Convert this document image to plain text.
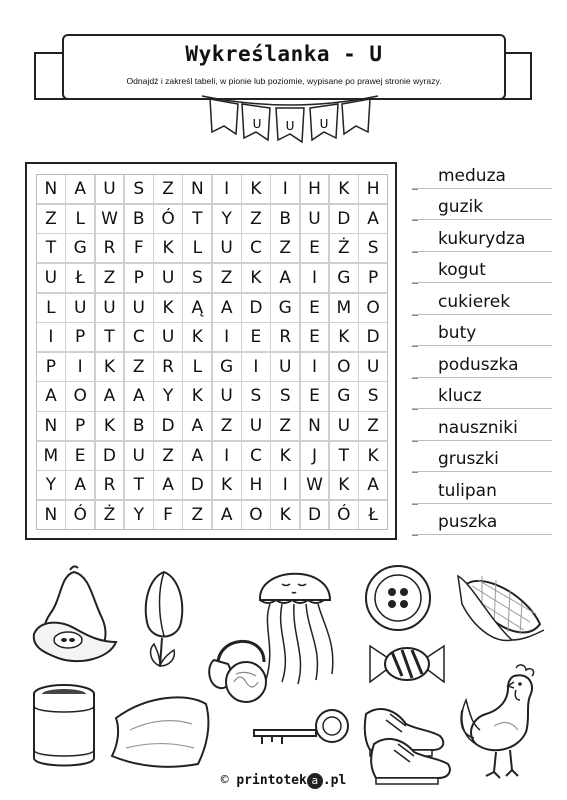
Wykreślanka - U
Odnajdź i zakreśl tabeli, w pionie lub poziomie, wypisane po prawej stronie wyrazy.
U U U
N	A	U	S	Z	N	I	K	I	H	K	H
Z	L W B Ó	T	Y	Z	B	U D A
T	G R	F	K	L	U	C	Z	E	Ż	S
U	Ł	Z	P	U	S	Z	K	A	I	G	P
L	U U U	K	Ą	A D G	E M O
I	P	T	C	U	K	I	E	R	E	K	D
P	I	K	Z	R	L	G	I	U	I	O U
A O A	A	Y	K	U	S	S	E	G	S
N	P	K	B D A	Z	U	Z	N U	Z
M E	D U	Z	A	I	C	K	J	T	K
Y	A	R	T	A D	K	H	I	W K	A
N Ó Ż	Y	F	Z	A O	K	D Ó	Ł
meduza
guzik
kukurydza
kogut
cukierek
buty
poduszka
klucz
nauszniki
gruszki
tulipan
puszka
© printotek a .pl
